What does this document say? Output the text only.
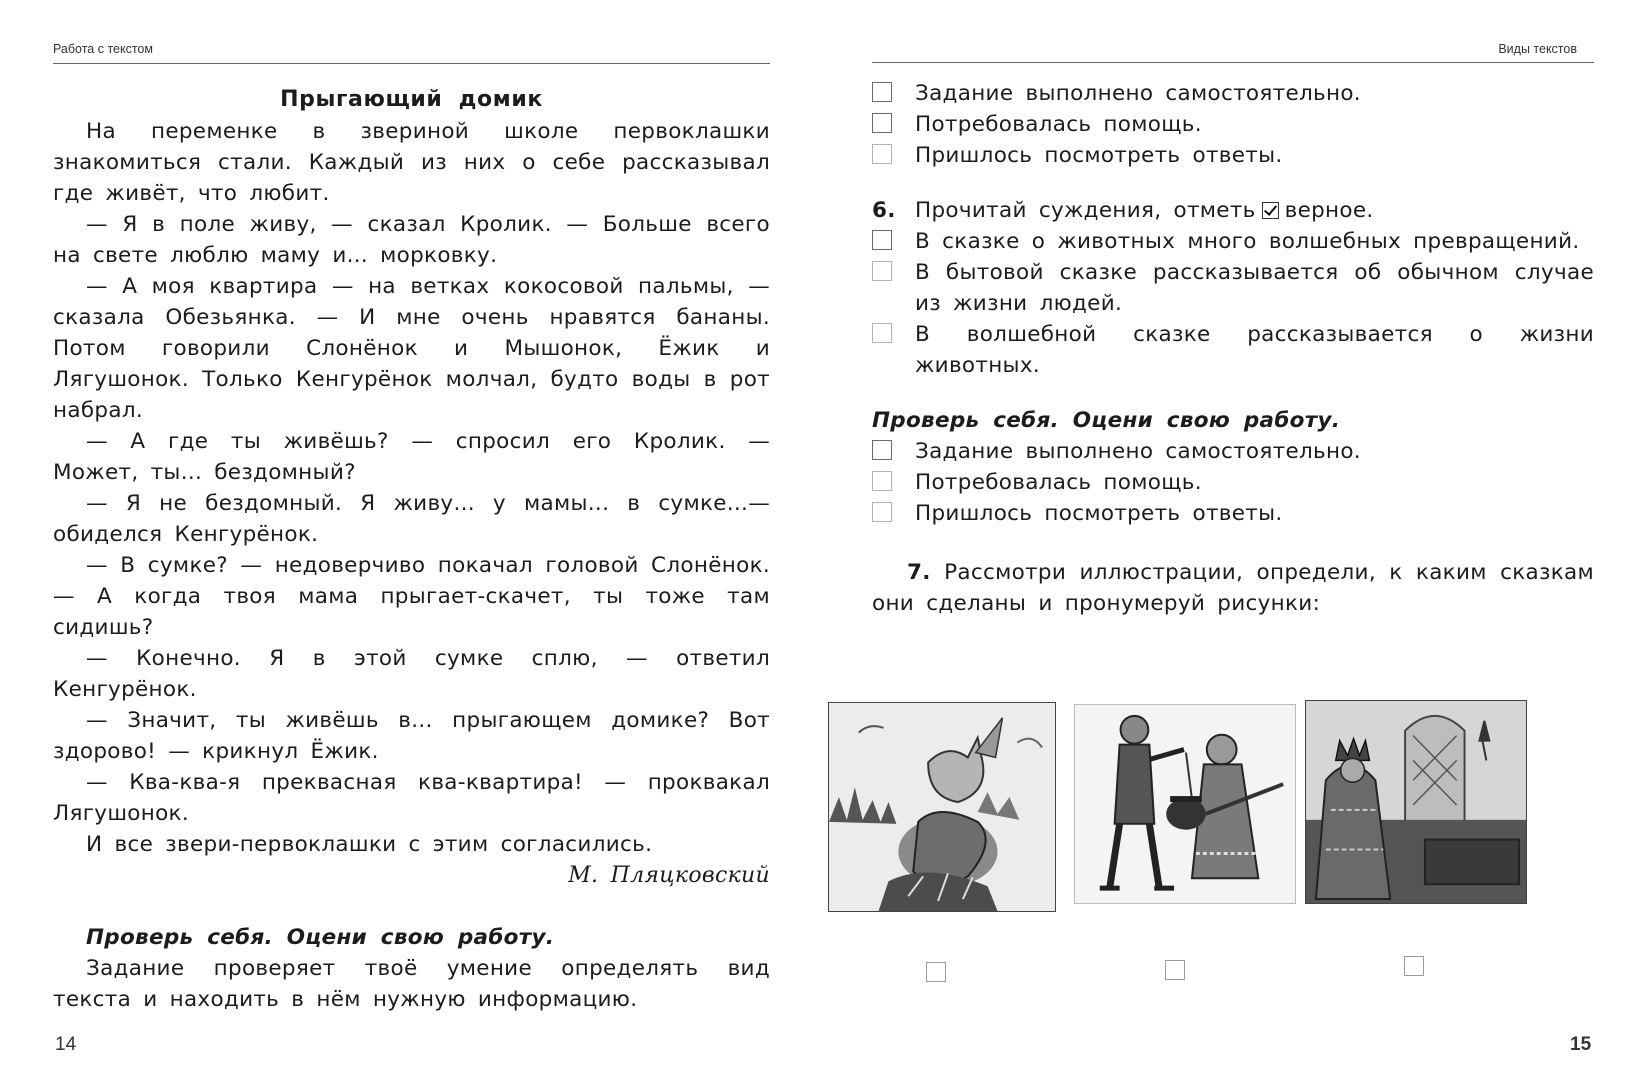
Работа с текстом
Прыгающий домик

На переменке в звериной школе первоклашки знакомиться стали. Каждый из них о себе рассказывал где живёт, что любит.

— Я в поле живу, — сказал Кролик. — Больше всего на свете люблю маму и... морковку.

— А моя квартира — на ветках кокосовой пальмы, — сказала Обезьянка. — И мне очень нравятся бананы. Потом говорили Слонёнок и Мышонок, Ёжик и Лягушонок. Только Кенгурёнок молчал, будто воды в рот набрал.

— А где ты живёшь? — спросил его Кролик. — Может, ты... бездомный?

— Я не бездомный. Я живу... у мамы... в сумке...— обиделся Кенгурёнок.

— В сумке? — недоверчиво покачал головой Слонёнок. — А когда твоя мама прыгает-скачет, ты тоже там сидишь?

— Конечно. Я в этой сумке сплю, — ответил Кенгурёнок.

— Значит, ты живёшь в... прыгающем домике? Вот здорово! — крикнул Ёжик.

— Ква-ква-я преквасная ква-квартира! — проквакал Лягушонок.

И все звери-первоклашки с этим согласились.

М. Пляцковский
Проверь себя. Оцени свою работу.

Задание проверяет твоё умение определять вид текста и находить в нём нужную информацию.

14
Виды текстов
Задание выполнено самостоятельно.
Потребовалась помощь.
Пришлось посмотреть ответы.
6. Прочитай суждения, отметь верное.
В сказке о животных много волшебных превращений.
В бытовой сказке рассказывается об обычном случае из жизни людей.
В волшебной сказке рассказывается о жизни животных.
Проверь себя. Оцени свою работу.
Задание выполнено самостоятельно.
Потребовалась помощь.
Пришлось посмотреть ответы.
7. Рассмотри иллюстрации, определи, к каким сказкам они сделаны и пронумеруй рисунки:
15
